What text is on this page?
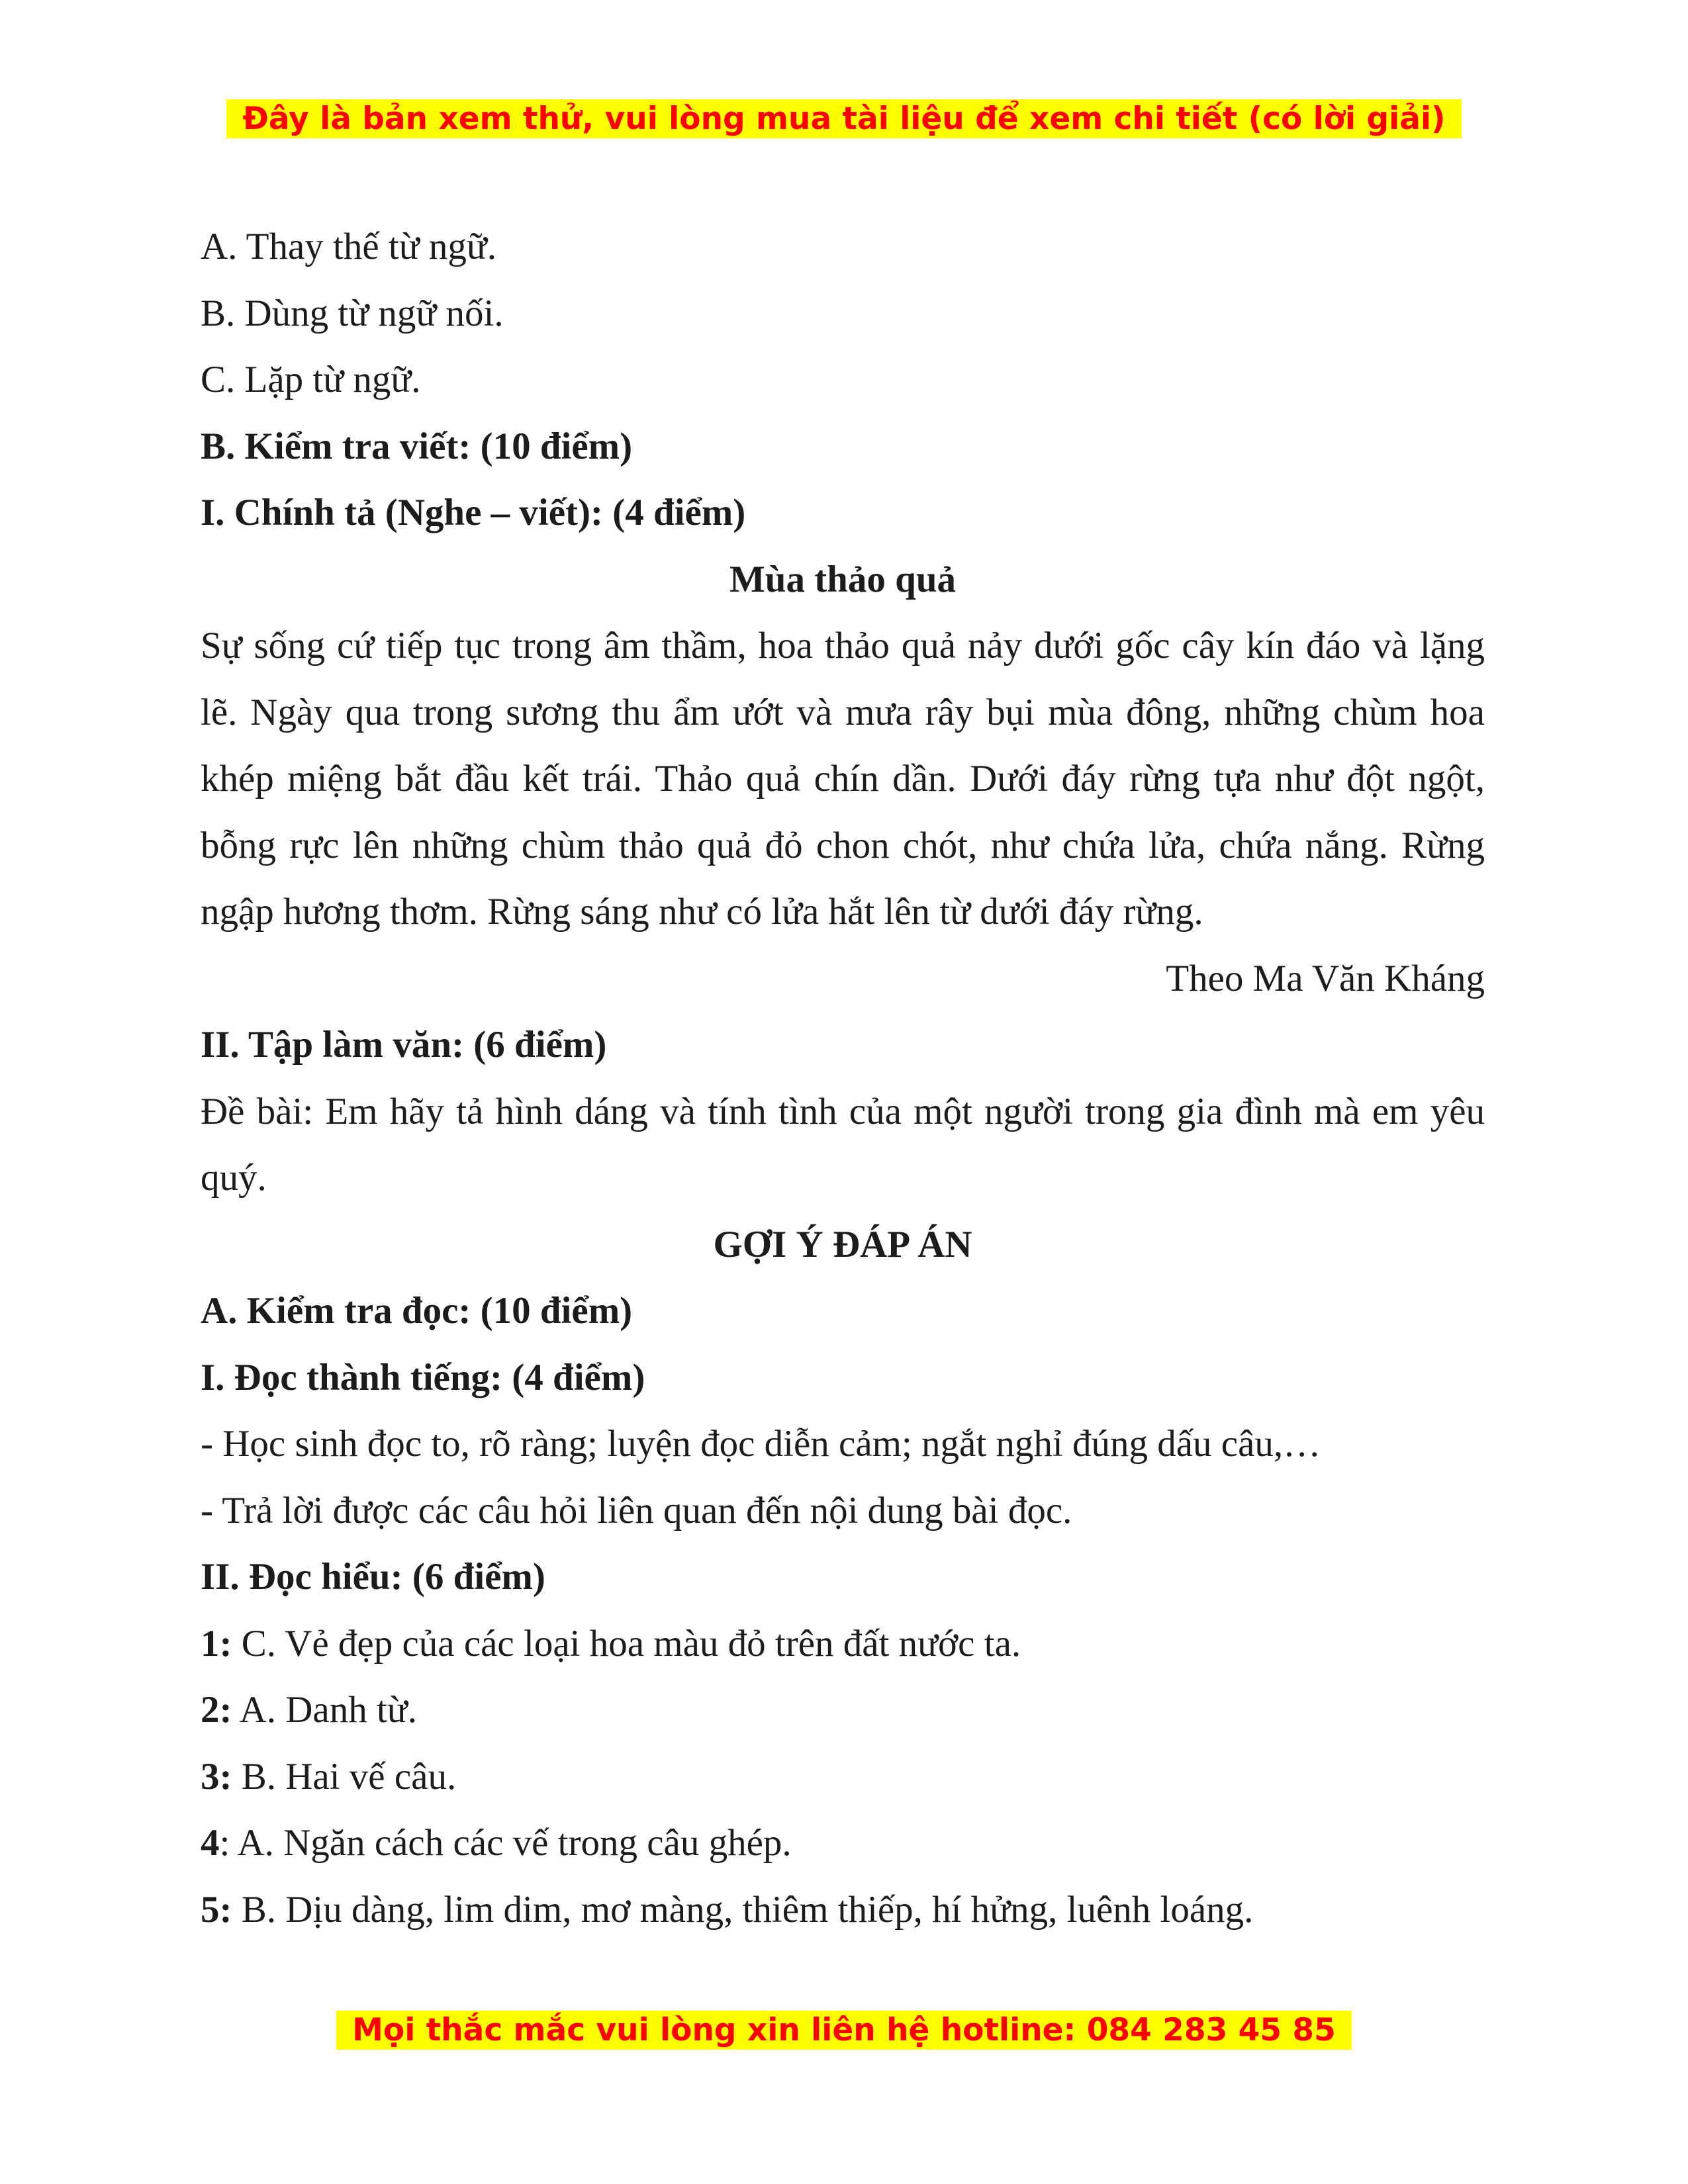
Đây là bản xem thử, vui lòng mua tài liệu để xem chi tiết (có lời giải)
A. Thay thế từ ngữ.
B. Dùng từ ngữ nối.
C. Lặp từ ngữ.
B. Kiểm tra viết: (10 điểm)
I. Chính tả (Nghe – viết): (4 điểm)
Mùa thảo quả
Sự sống cứ tiếp tục trong âm thầm, hoa thảo quả nảy dưới gốc cây kín đáo và lặng
lẽ. Ngày qua trong sương thu ẩm ướt và mưa rây bụi mùa đông, những chùm hoa
khép miệng bắt đầu kết trái. Thảo quả chín dần. Dưới đáy rừng tựa như đột ngột,
bỗng rực lên những chùm thảo quả đỏ chon chót, như chứa lửa, chứa nắng. Rừng
ngập hương thơm. Rừng sáng như có lửa hắt lên từ dưới đáy rừng.
Theo Ma Văn Kháng
II. Tập làm văn: (6 điểm)
Đề bài: Em hãy tả hình dáng và tính tình của một người trong gia đình mà em yêu
quý.
GỢI Ý ĐÁP ÁN
A. Kiểm tra đọc: (10 điểm)
I. Đọc thành tiếng: (4 điểm)
- Học sinh đọc to, rõ ràng; luyện đọc diễn cảm; ngắt nghỉ đúng dấu câu,…
- Trả lời được các câu hỏi liên quan đến nội dung bài đọc.
II. Đọc hiểu: (6 điểm)
1: C. Vẻ đẹp của các loại hoa màu đỏ trên đất nước ta.
2: A. Danh từ.
3: B. Hai vế câu.
4: A. Ngăn cách các vế trong câu ghép.
5: B. Dịu dàng, lim dim, mơ màng, thiêm thiếp, hí hửng, luênh loáng.
Mọi thắc mắc vui lòng xin liên hệ hotline: 084 283 45 85
